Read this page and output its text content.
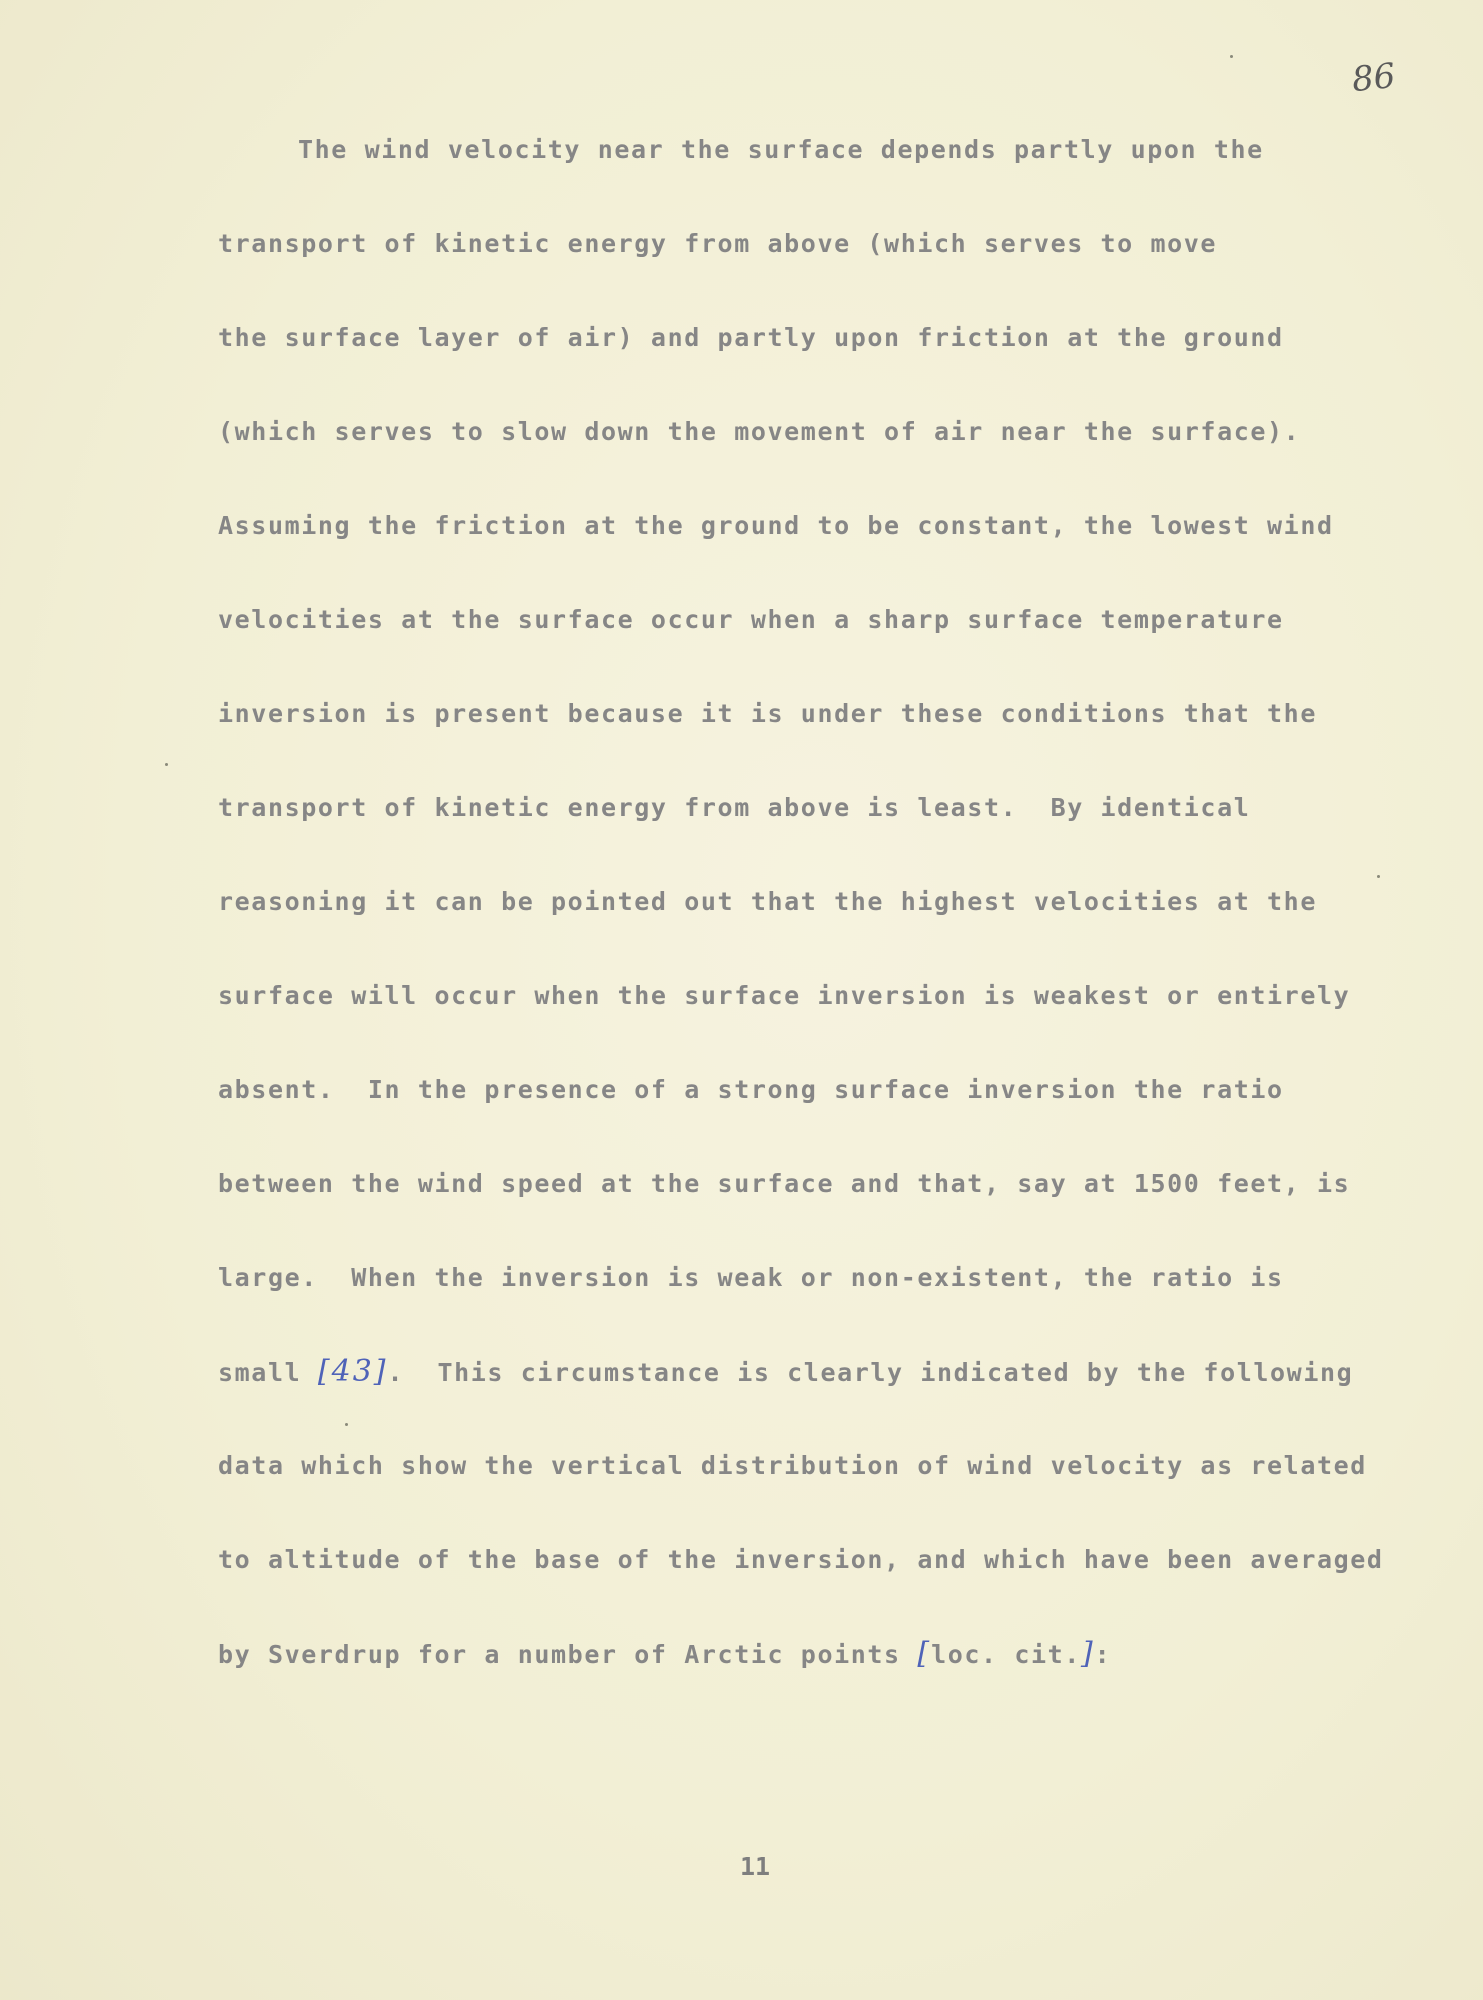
86
The wind velocity near the surface depends partly upon the
transport of kinetic energy from above (which serves to move
the surface layer of air) and partly upon friction at the ground
(which serves to slow down the movement of air near the surface).
Assuming the friction at the ground to be constant, the lowest wind
velocities at the surface occur when a sharp surface temperature
inversion is present because it is under these conditions that the
transport of kinetic energy from above is least.  By identical
reasoning it can be pointed out that the highest velocities at the
surface will occur when the surface inversion is weakest or entirely
absent.  In the presence of a strong surface inversion the ratio
between the wind speed at the surface and that, say at 1500 feet, is
large.  When the inversion is weak or non-existent, the ratio is
small [43].  This circumstance is clearly indicated by the following
data which show the vertical distribution of wind velocity as related
to altitude of the base of the inversion, and which have been averaged
by Sverdrup for a number of Arctic points [loc. cit.]:
11
